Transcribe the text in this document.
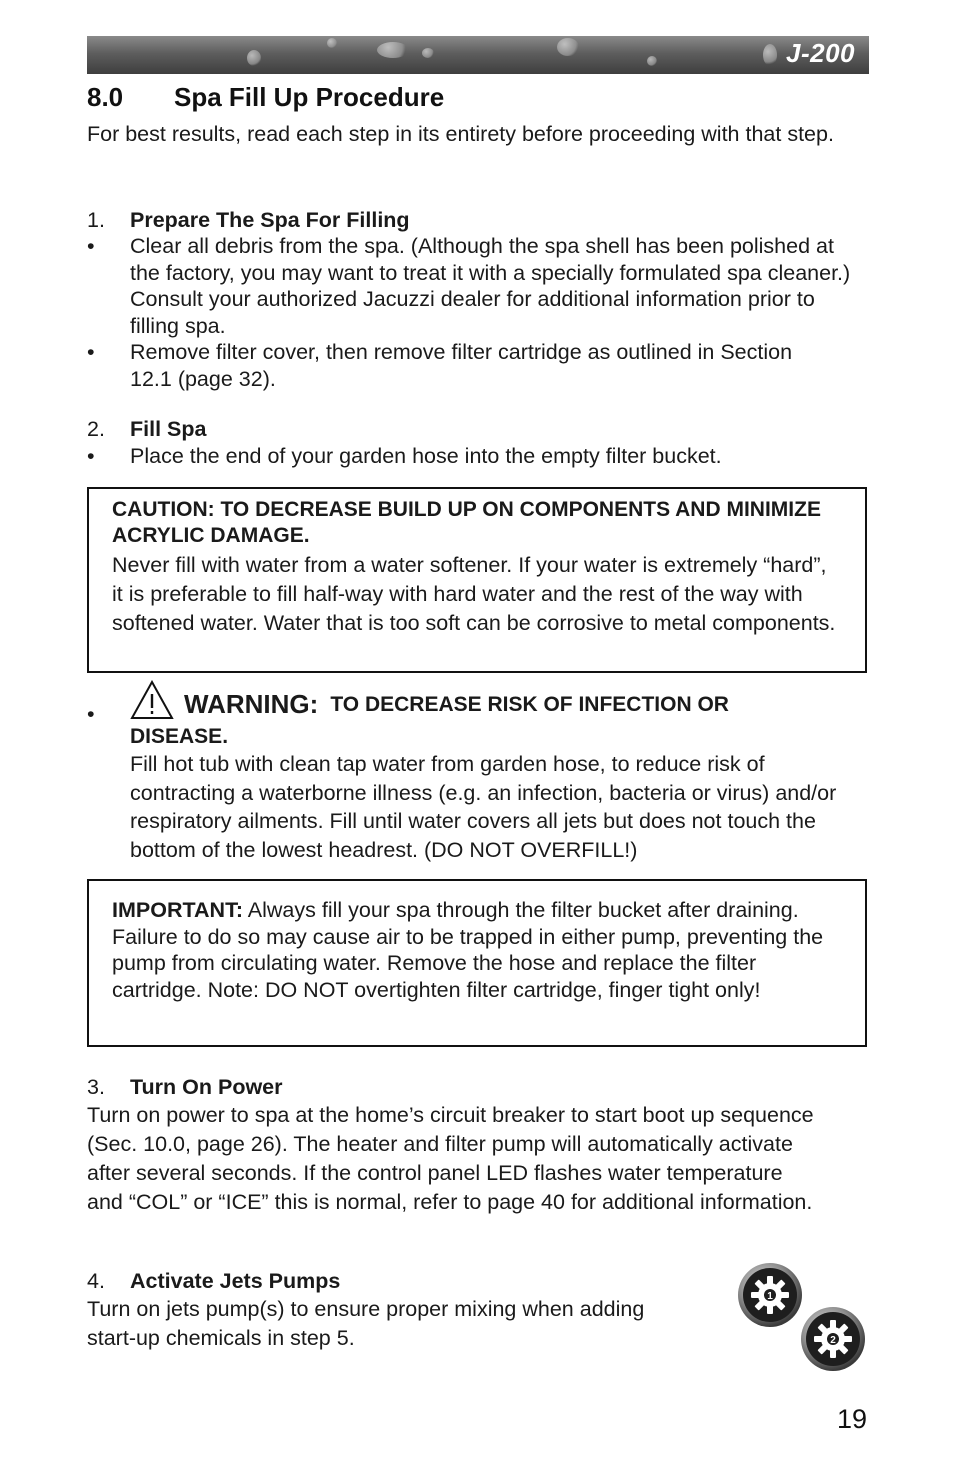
J-200
8.0 Spa Fill Up Procedure

For best results, read each step in its entirety before proceeding with that step.

1. Prepare The Spa For Filling
• Clear all debris from the spa. (Although the spa shell has been polished at the factory, you may want to treat it with a specially formulated spa cleaner.) Consult your authorized Jacuzzi dealer for additional information prior to filling spa.
• Remove filter cover, then remove filter cartridge as outlined in Section 12.1 (page 32).
2. Fill Spa
• Place the end of your garden hose into the empty filter bucket.
CAUTION: TO DECREASE BUILD UP ON COMPONENTS AND MINIMIZE ACRYLIC DAMAGE.
Never fill with water from a water softener. If your water is extremely “hard”, it is preferable to fill half-way with hard water and the rest of the way with softened water. Water that is too soft can be corrosive to metal components.
•	WARNING: TO DECREASE RISK OF INFECTION OR
DISEASE.
Fill hot tub with clean tap water from garden hose, to reduce risk of contracting a waterborne illness (e.g. an infection, bacteria or virus) and/or respiratory ailments. Fill until water covers all jets but does not touch the bottom of the lowest headrest. (DO NOT OVERFILL!)
IMPORTANT: Always fill your spa through the filter bucket after draining. Failure to do so may cause air to be trapped in either pump, preventing the pump from circulating water. Remove the hose and replace the filter cartridge. Note: DO NOT overtighten filter cartridge, finger tight only!
3. Turn On Power

Turn on power to spa at the home’s circuit breaker to start boot up sequence (Sec. 10.0, page 26). The heater and filter pump will automatically activate after several seconds. If the control panel LED flashes water temperature and “COL” or “ICE” this is normal, refer to page 40 for additional information.

4. Activate Jets Pumps

Turn on jets pump(s) to ensure proper mixing when adding start-up chemicals in step 5.

1
2
19
